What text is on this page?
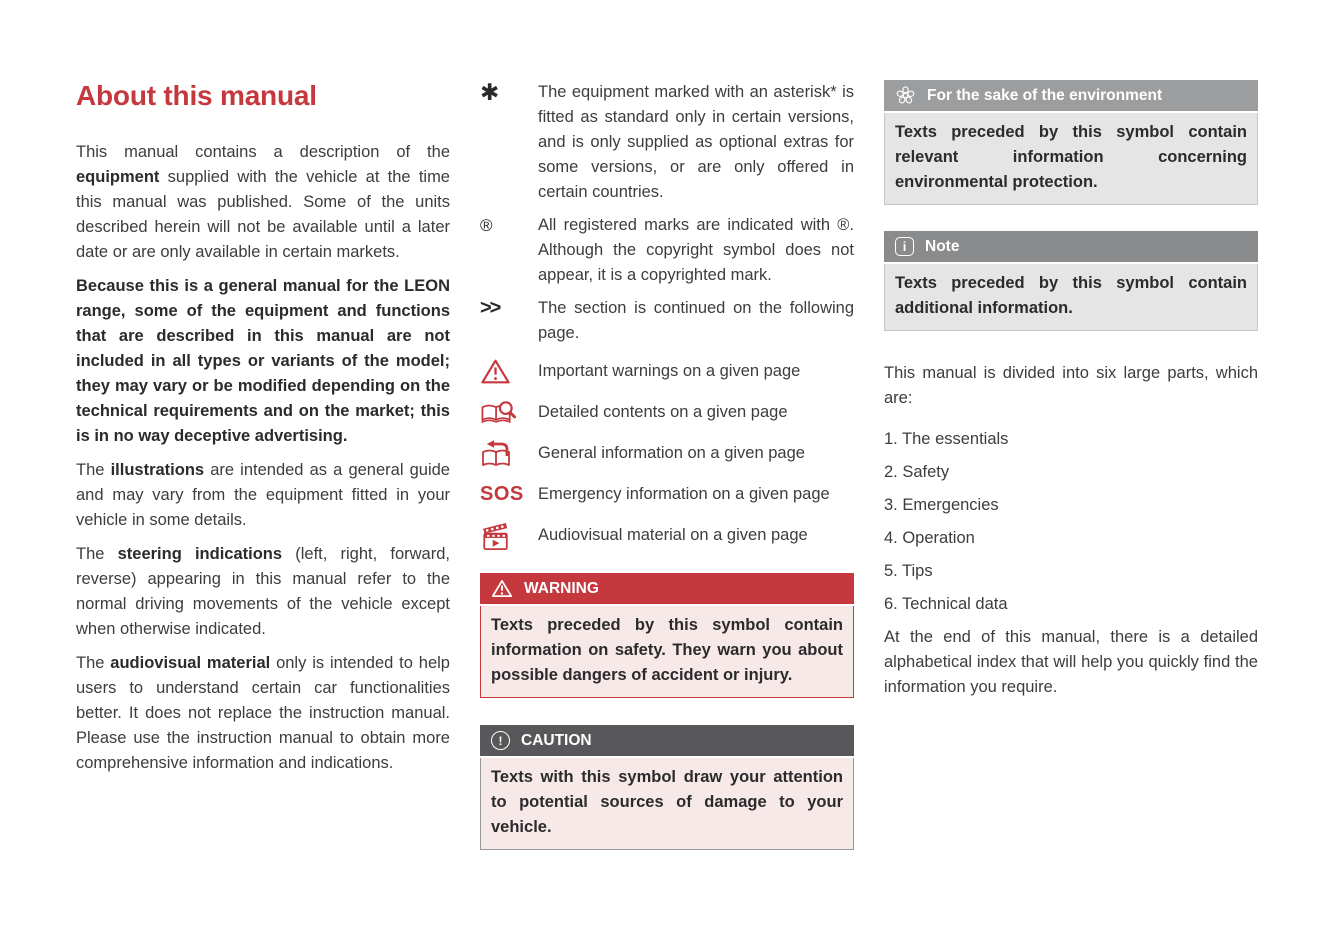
About this manual

This manual contains a description of the equipment supplied with the vehicle at the time this manual was published. Some of the units described herein will not be available until a later date or are only available in certain markets.

Because this is a general manual for the LEON range, some of the equipment and functions that are described in this manual are not included in all types or variants of the model; they may vary or be modified depending on the technical requirements and on the market; this is in no way deceptive advertising.

The illustrations are intended as a general guide and may vary from the equipment fitted in your vehicle in some details.

The steering indications (left, right, forward, reverse) appearing in this manual refer to the normal driving movements of the vehicle except when otherwise indicated.

The audiovisual material only is intended to help users to understand certain car functionalities better. It does not replace the instruction manual. Please use the instruction manual to obtain more comprehensive information and indications.

✱	The equipment marked with an asterisk* is fitted as standard only in certain versions, and is only supplied as optional extras for some versions, or are only offered in certain countries.
®	All registered marks are indicated with ®. Although the copyright symbol does not appear, it is a copyrighted mark.
>>	The section is continued on the following page.
Important warnings on a given page
Detailed contents on a given page
General information on a given page
SOS Emergency information on a given page
Audiovisual material on a given page
WARNING
Texts preceded by this symbol contain information on safety. They warn you about possible dangers of accident or injury.
!	CAUTION
Texts with this symbol draw your attention to potential sources of damage to your vehicle.
For the sake of the environment
Texts preceded by this symbol contain relevant information concerning environmental protection.
i	Note
Texts preceded by this symbol contain additional information.

This manual is divided into six large parts, which are:

1. The essentials
2. Safety
3. Emergencies
4. Operation
5. Tips
6. Technical data

At the end of this manual, there is a detailed alphabetical index that will help you quickly find the information you require.
